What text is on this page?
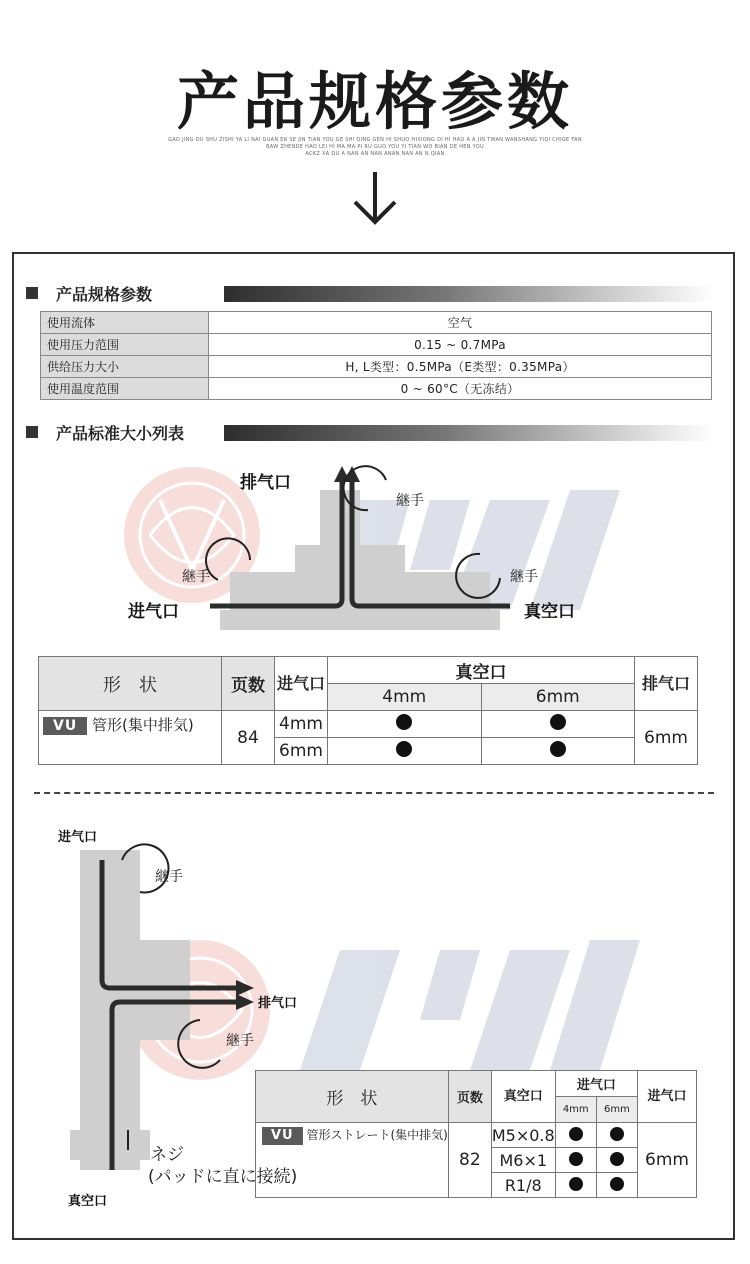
产品规格参数
GAO JING DU SHU ZISHI YA LI NAI GUAN ER SE JIN TIAN YOU GE SHI QING GEN HI SHUO HIXIONG DI HI HAO A A JIN TWAN WANSHANG YIQI CHIGE FAN
BAW ZHENDE HAO LEI HI MA MA PI RU GUO YOU YI TIAN WO BIAN DE HEN YOU
ACKZ XA QU A NAN AN NAN ANAN NAN AN N QIAN
产品规格参数
使用流体	空气
使用压力范围	0.15 ~ 0.7MPa
供给压力大小	H, L类型：0.5MPa（E类型：0.35MPa）
使用温度范围	0 ~ 60°C（无冻结）
产品标准大小列表
排气口
进气口	真空口
継手
継手	継手
形　状	页数	进气口	真空口		排气口
			4mm	6mm	
VU 管形(集中排気)	84	4mm			6mm
		6mm			
进气口
排气口
真空口
継手
継手
ネジ
(パッドに直に接続)
形　状	页数	真空口	进气口		进气口
			4mm	6mm	
VU 管形ストレート(集中排気)	82	M5×0.8			6mm
		M6×1			
		R1/8			
